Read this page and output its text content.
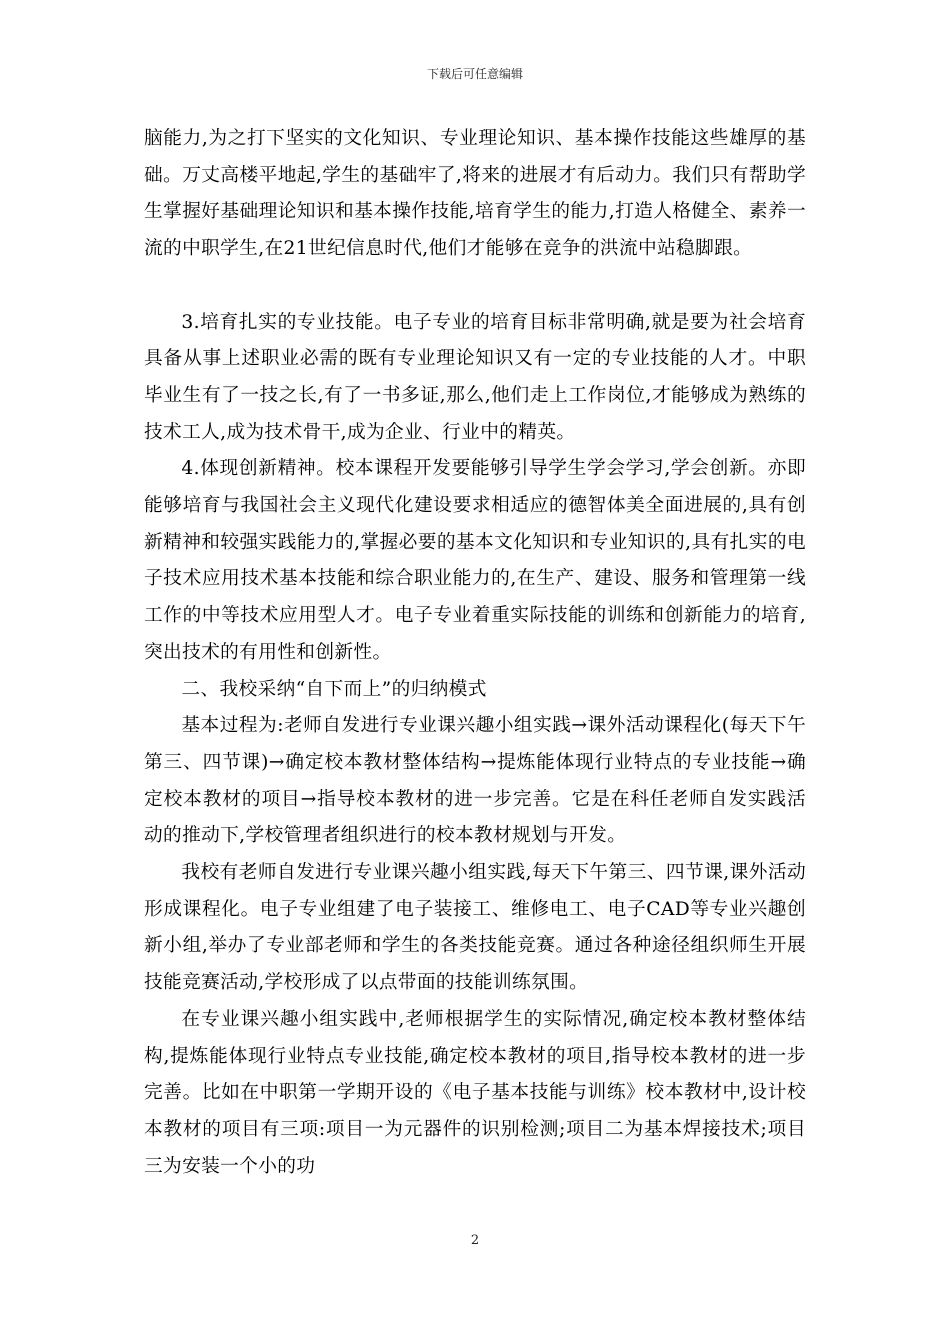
下载后可任意编辑

脑能力,为之打下坚实的文化知识、专业理论知识、基本操作技能这些雄厚的基础。万丈高楼平地起,学生的基础牢了,将来的进展才有后动力。我们只有帮助学生掌握好基础理论知识和基本操作技能,培育学生的能力,打造人格健全、素养一流的中职学生,在21世纪信息时代,他们才能够在竞争的洪流中站稳脚跟。

3.培育扎实的专业技能。电子专业的培育目标非常明确,就是要为社会培育具备从事上述职业必需的既有专业理论知识又有一定的专业技能的人才。中职毕业生有了一技之长,有了一书多证,那么,他们走上工作岗位,才能够成为熟练的技术工人,成为技术骨干,成为企业、行业中的精英。

4.体现创新精神。校本课程开发要能够引导学生学会学习,学会创新。亦即能够培育与我国社会主义现代化建设要求相适应的德智体美全面进展的,具有创新精神和较强实践能力的,掌握必要的基本文化知识和专业知识的,具有扎实的电子技术应用技术基本技能和综合职业能力的,在生产、建设、服务和管理第一线工作的中等技术应用型人才。电子专业着重实际技能的训练和创新能力的培育,突出技术的有用性和创新性。

二、我校采纳“自下而上”的归纳模式

基本过程为:老师自发进行专业课兴趣小组实践→课外活动课程化(每天下午第三、四节课)→确定校本教材整体结构→提炼能体现行业特点的专业技能→确定校本教材的项目→指导校本教材的进一步完善。它是在科任老师自发实践活动的推动下,学校管理者组织进行的校本教材规划与开发。

我校有老师自发进行专业课兴趣小组实践,每天下午第三、四节课,课外活动形成课程化。电子专业组建了电子装接工、维修电工、电子CAD等专业兴趣创新小组,举办了专业部老师和学生的各类技能竞赛。通过各种途径组织师生开展技能竞赛活动,学校形成了以点带面的技能训练氛围。

在专业课兴趣小组实践中,老师根据学生的实际情况,确定校本教材整体结构,提炼能体现行业特点专业技能,确定校本教材的项目,指导校本教材的进一步完善。比如在中职第一学期开设的《电子基本技能与训练》校本教材中,设计校本教材的项目有三项:项目一为元器件的识别检测;项目二为基本焊接技术;项目三为安装一个小的功

2
